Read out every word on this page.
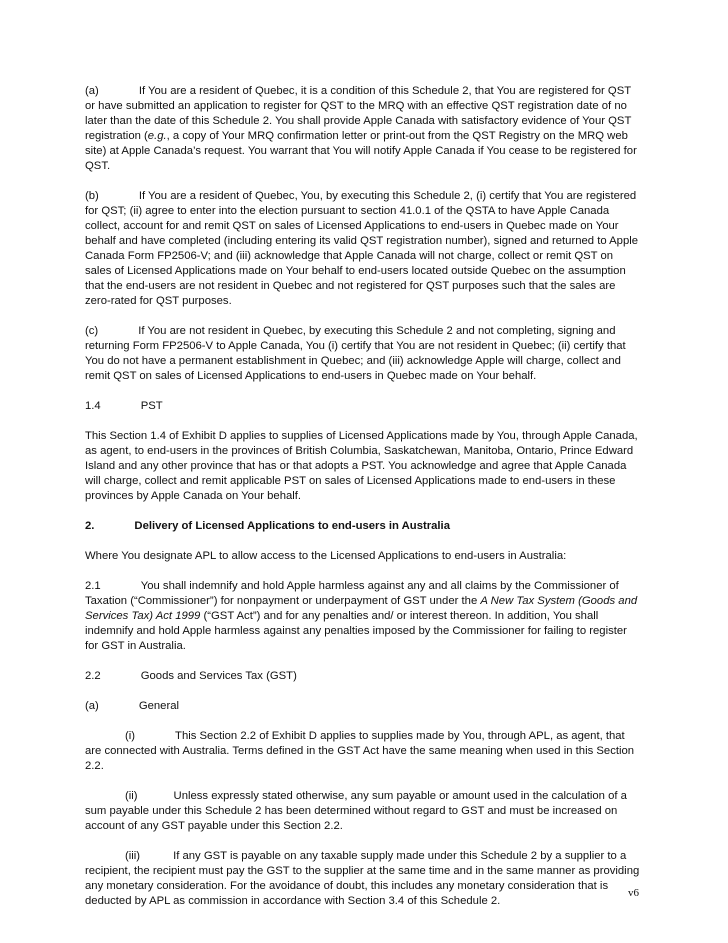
(a)	If You are a resident of Quebec, it is a condition of this Schedule 2, that You are registered for QST or have submitted an application to register for QST to the MRQ with an effective QST registration date of no later than the date of this Schedule 2. You shall provide Apple Canada with satisfactory evidence of Your QST registration (e.g., a copy of Your MRQ confirmation letter or print-out from the QST Registry on the MRQ web site) at Apple Canada’s request. You warrant that You will notify Apple Canada if You cease to be registered for QST.

(b)	If You are a resident of Quebec, You, by executing this Schedule 2, (i) certify that You are registered for QST; (ii) agree to enter into the election pursuant to section 41.0.1 of the QSTA to have Apple Canada collect, account for and remit QST on sales of Licensed Applications to end-users in Quebec made on Your behalf and have completed (including entering its valid QST registration number), signed and returned to Apple Canada Form FP2506-V; and (iii) acknowledge that Apple Canada will not charge, collect or remit QST on sales of Licensed Applications made on Your behalf to end-users located outside Quebec on the assumption that the end-users are not resident in Quebec and not registered for QST purposes such that the sales are zero-rated for QST purposes.

(c)	If You are not resident in Quebec, by executing this Schedule 2 and not completing, signing and returning Form FP2506-V to Apple Canada, You (i) certify that You are not resident in Quebec; (ii) certify that You do not have a permanent establishment in Quebec; and (iii) acknowledge Apple will charge, collect and remit QST on sales of Licensed Applications to end-users in Quebec made on Your behalf.

1.4	PST

This Section 1.4 of Exhibit D applies to supplies of Licensed Applications made by You, through Apple Canada, as agent, to end-users in the provinces of British Columbia, Saskatchewan, Manitoba, Ontario, Prince Edward Island and any other province that has or that adopts a PST. You acknowledge and agree that Apple Canada will charge, collect and remit applicable PST on sales of Licensed Applications made to end-users in these provinces by Apple Canada on Your behalf.

2.	Delivery of Licensed Applications to end-users in Australia

Where You designate APL to allow access to the Licensed Applications to end-users in Australia:

2.1	You shall indemnify and hold Apple harmless against any and all claims by the Commissioner of Taxation (“Commissioner”) for nonpayment or underpayment of GST under the A New Tax System (Goods and Services Tax) Act 1999 (“GST Act”) and for any penalties and/ or interest thereon. In addition, You shall indemnify and hold Apple harmless against any penalties imposed by the Commissioner for failing to register for GST in Australia.

2.2	Goods and Services Tax (GST)

(a)	General

(i)	This Section 2.2 of Exhibit D applies to supplies made by You, through APL, as agent, that are connected with Australia. Terms defined in the GST Act have the same meaning when used in this Section 2.2.

(ii)	Unless expressly stated otherwise, any sum payable or amount used in the calculation of a sum payable under this Schedule 2 has been determined without regard to GST and must be increased on account of any GST payable under this Section 2.2.

(iii)	If any GST is payable on any taxable supply made under this Schedule 2 by a supplier to a recipient, the recipient must pay the GST to the supplier at the same time and in the same manner as providing any monetary consideration. For the avoidance of doubt, this includes any monetary consideration that is deducted by APL as commission in accordance with Section 3.4 of this Schedule 2.

v6
